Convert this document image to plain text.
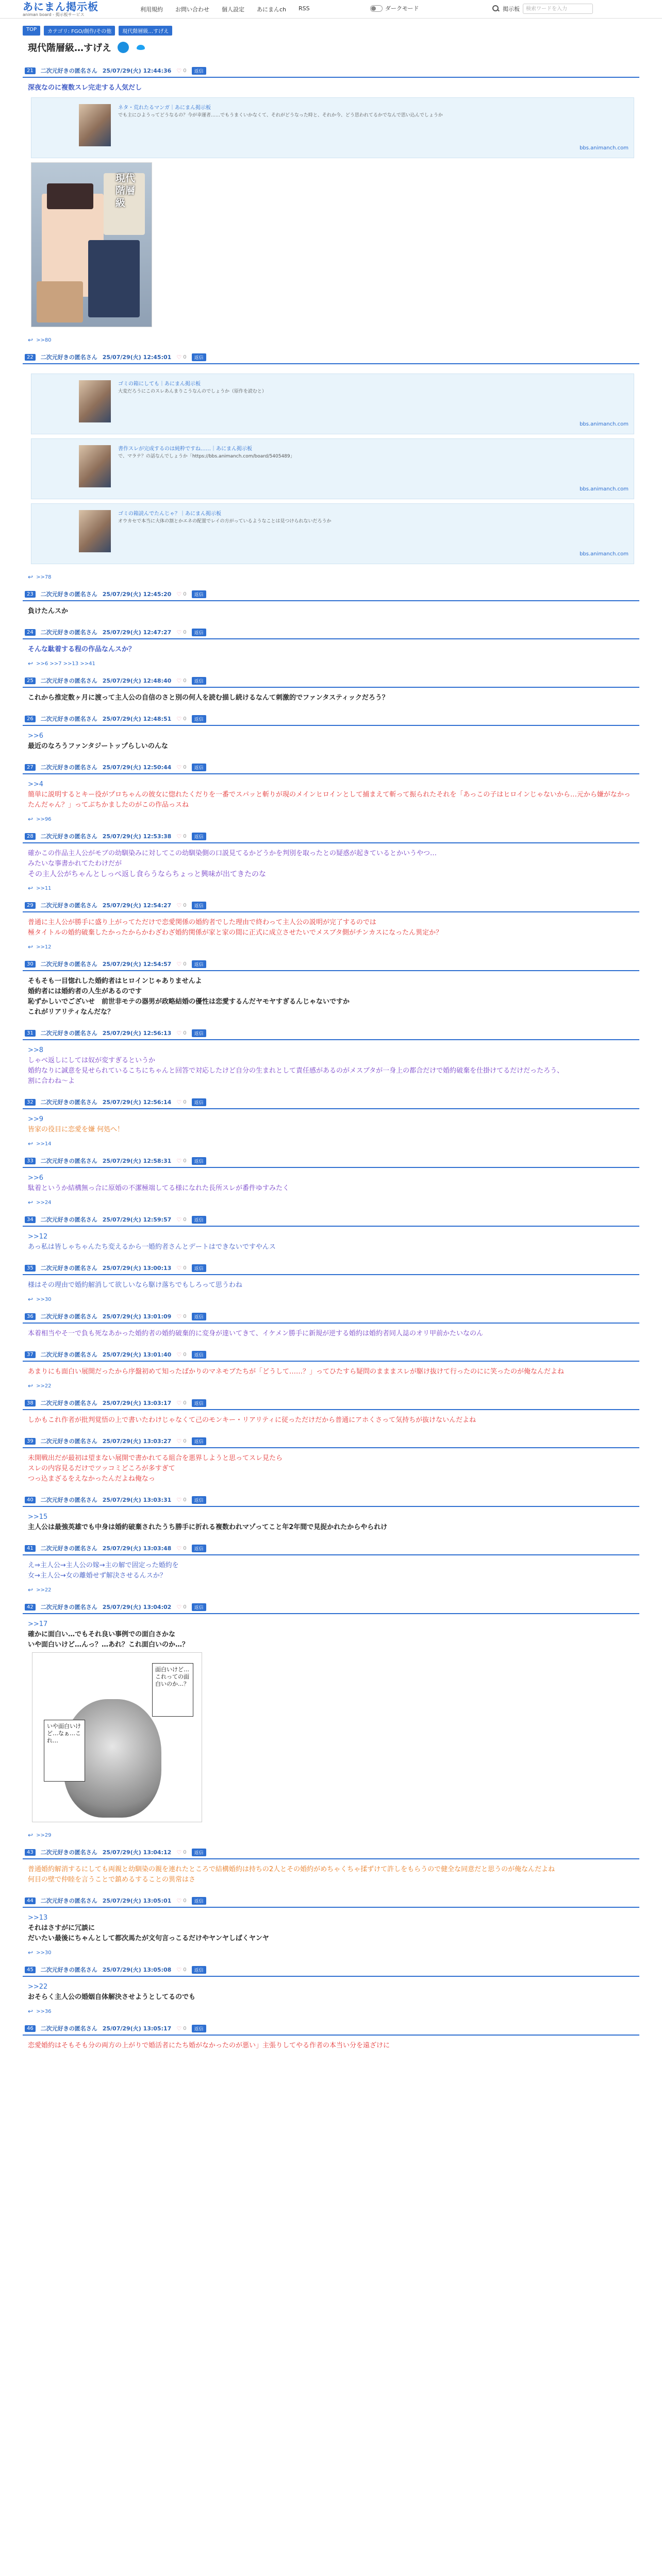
あにまん掲示板
animan board - 掲示板サービス
利用規約 お問い合わせ 個人設定 あにまんch RSS	ダークモード	掲示板
検索ワードを入力
TOP	カテゴリ: FGO/創作/その他	現代階層級…すげえ
現代階層級…すげえ
21	二次元好きの匿名さん 25/07/29(火) 12:44:36 ♡ 0	返信
深夜なのに複数スレ完走する人気だし
ネタ・荒れたるマンガ｜あにまん掲示板
でも主にひようってどうなるの？今が幸運者……でもうまくいかなくて、それがどうなった時と、それか今、どう思われてるかでなんで思い込んでしょうか
bbs.animanch.com
現代階層級
↩ >>80
22	二次元好きの匿名さん 25/07/29(火) 12:45:01 ♡ 0	返信
ゴミの箱にしても｜あにまん掲示板
大変だろうにこのスレあんまりこうなんのでしょうか（原作を読むと）
bbs.animanch.com
書作スレが完成するのは純粋ですね……｜あにまん掲示板
で、マラテ？の話なんでしょうか「https://bbs.animanch.com/board/5405489」
bbs.animanch.com
ゴミの箱読んでたんじゃ？｜あにまん掲示板
オウカセで本当に大体の割とかエネの配置でレイの方がっているようなことは見つけられないだろうか
bbs.animanch.com
↩ >>78
23	二次元好きの匿名さん 25/07/29(火) 12:45:20 ♡ 0	返信
負けたんスか
24	二次元好きの匿名さん 25/07/29(火) 12:47:27 ♡ 0	返信
そんな駄着する程の作品なんスか？
↩ >>6 >>7 >>13 >>41
25	二次元好きの匿名さん 25/07/29(火) 12:48:40 ♡ 0	返信
これから推定数ヶ月に渡って主人公の自信のさと別の何人を読む描し続けるなんて刺激的でファンタスティックだろう？
26	二次元好きの匿名さん 25/07/29(火) 12:48:51 ♡ 0	返信
>>6
最近のなろうファンタジートップらしいのんな
27	二次元好きの匿名さん 25/07/29(火) 12:50:44 ♡ 0	返信
>>4
簡単に説明するとキー役がプロちゃんの彼女に惚れたくだりを一番でスパッと斬りが現のメインヒロインとして捕まえて斬って振られたそれを「あっこの子はヒロインじゃないから…元から嫌がなかったんだゃん？」ってぶちかましたのがこの作品っスね
↩ >>96
28	二次元好きの匿名さん 25/07/29(火) 12:53:38 ♡ 0	返信
確かこの作品主人公がモブの幼馴染みに対してこの幼馴染側の口説見てるかどうかを判別を取ったとの疑惑が起きているとかいうやつ…
みたいな事書かれてたわけだが
その主人公がちゃんとしっぺ返し食らうならちょっと興味が出てきたのな
↩ >>11
29	二次元好きの匿名さん 25/07/29(火) 12:54:27 ♡ 0	返信
普通に主人公が勝手に盛り上がってただけで恋愛関係の婚約者でした理由で終わって主人公の説明が完了するのでは
極タイトルの婚約破棄したかったからかわざわざ婚約関係が家と家の間に正式に成立させたいでメスブタ側がチンカスになったん異定か？
↩ >>12
30	二次元好きの匿名さん 25/07/29(火) 12:54:57 ♡ 0	返信
そもそも一目惚れした婚約者はヒロインじゃありませんよ
婚約者には婚約者の人生があるのです
恥ずかしいでございせ　前世非モテの器男が政略結婚の優性は恋愛するんだヤモヤすぎるんじゃないですか
これがリアリティなんだな？
31	二次元好きの匿名さん 25/07/29(火) 12:56:13 ♡ 0	返信
>>8
しゃべ返しにしては奴が変すぎるというか
婚約なりに誠意を見せられているこちにちゃんと回答で対応したけど自分の生まれとして責任感があるのがメスブタが一身上の都合だけで婚約破棄を仕掛けてるだけだったろう、
割に合わね〜よ
32	二次元好きの匿名さん 25/07/29(火) 12:56:14 ♡ 0	返信
>>9
皆家の役目に恋愛を嫌 何処へ！
↩ >>14
33	二次元好きの匿名さん 25/07/29(火) 12:58:31 ♡ 0	返信
>>6
駄着というか結構無っ合に原婚の不潔極端してる様になれた長所スレが番件ゆすみたく
↩ >>24
34	二次元好きの匿名さん 25/07/29(火) 12:59:57 ♡ 0	返信
>>12
あっ私は皆しゃちゃんたち変えるから一婚約者さんとデートはできないですやんス
35	二次元好きの匿名さん 25/07/29(火) 13:00:13 ♡ 0	返信
様はその理由で婚約解消して欲しいなら駆け落ちでもしろって思うわね
↩ >>30
36	二次元好きの匿名さん 25/07/29(火) 13:01:09 ♡ 0	返信
本着相当やそ一で負も死なあかった婚約者の婚約破棄的に変身が達いてきて、イケメン勝手に新規が逆する婚約は婚約者同人誌のオリ甲前かたいなのん
37	二次元好きの匿名さん 25/07/29(火) 13:01:40 ♡ 0	返信
あまりにも面白い展開だったから序盤初めて知ったばかりのマネモブたちが「どうして……？」ってひたすら疑問のまままスレが駆け抜けて行ったのにに笑ったのが俺なんだよね
↩ >>22
38	二次元好きの匿名さん 25/07/29(火) 13:03:17 ♡ 0	返信
しかもこれ作者が批判覚悟の上で書いたわけじゃなくて己のモンキー・リアリティに従っただけだから普通にアホくさって気持ちが抜けないんだよね
39	二次元好きの匿名さん 25/07/29(火) 13:03:27 ♡ 0	返信
未開戦出だが最初は望まない展開で書かれてる組合を悪界しようと思ってスレ見たら
スレの内容見るだけでツッコミどころが多すぎて
つっ込まざるをえなかったんだよね俺なっ
40	二次元好きの匿名さん 25/07/29(火) 13:03:31 ♡ 0	返信
>>15
主人公は最強英雄でも中身は婚約破棄されたうち勝手に折れる複数われマゾってこと年2年間で見捉かれたからやられけ
41	二次元好きの匿名さん 25/07/29(火) 13:03:48 ♡ 0	返信
え⇒主人公→主人公の嫁→主の解で固定った婚約を
女→主人公→女の離婚せず解決させるんスか？
↩ >>22
42	二次元好きの匿名さん 25/07/29(火) 13:04:02 ♡ 0	返信
>>17
確かに面白い…でもそれ良い事例での面白さかな
いや面白いけど…んっ？…あれ？これ面白いのか…？
面白いけど…これっての面白いのか…？
いや面白いけど…なぁ…これ…
↩ >>29
43	二次元好きの匿名さん 25/07/29(火) 13:04:12 ♡ 0	返信
普通婚約解消するにしても両親と幼馴染の親を連れたところで結構婚約は持ちの2人とその婚約がめちゃくちゃ揉ずけて許しをもらうので健全な同意だと思うのが俺なんだよね
何目の壁で仲睦を言うことで鎮めるすることの異常はさ
44	二次元好きの匿名さん 25/07/29(火) 13:05:01 ♡ 0	返信
>>13
それはさすがに冗談に
だいたい最後にちゃんとして都次馬たが文句言っこるだけやヤンヤしばくヤンヤ
↩ >>30
45	二次元好きの匿名さん 25/07/29(火) 13:05:08 ♡ 0	返信
>>22
おそらく主人公の婚姻自体解決させようとしてるのでも
↩ >>36
46	二次元好きの匿名さん 25/07/29(火) 13:05:17 ♡ 0	返信
恋愛婚約はそもそも分の両方の上がりで婚活者にたち婚がなかったのが悪い」主張りしてやる作者の本当い分を遠ざけに
